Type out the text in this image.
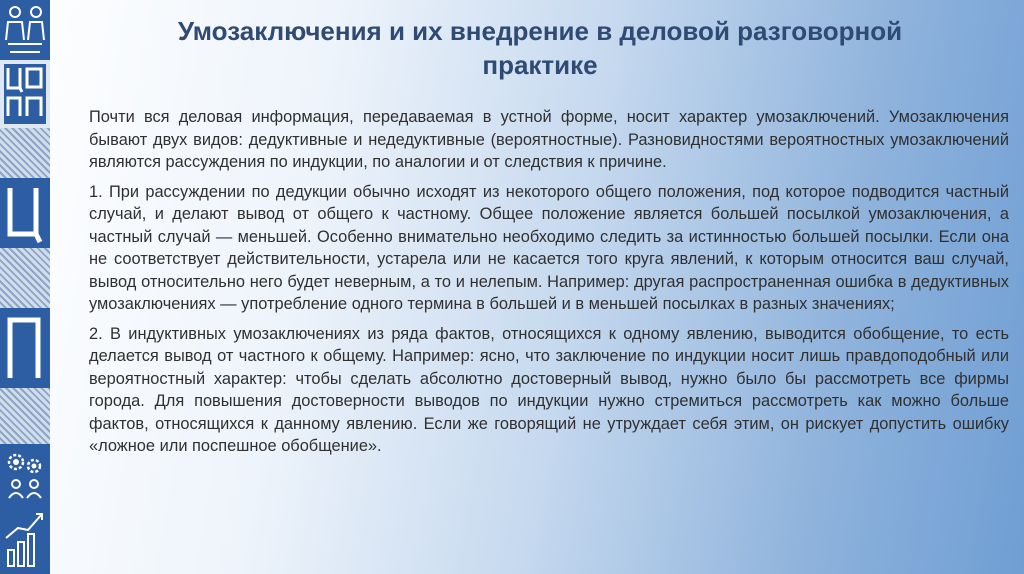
Умозаключения и их внедрение в деловой разговорной практике

Почти вся деловая информация, передаваемая в устной форме, носит характер умозаключений. Умозаключения бывают двух видов: дедуктивные и недедуктивные (вероятностные). Разновидностями вероятностных умозаключений являются рассуждения по индукции, по аналогии и от следствия к причине.

1. При рассуждении по дедукции обычно исходят из некоторого общего положения, под которое подводится частный случай, и делают вывод от общего к частному. Общее положение является большей посылкой умозаключения, а частный случай — меньшей. Особенно внимательно необходимо следить за истинностью большей посылки. Если она не соответствует действительности, устарела или не касается того круга явлений, к которым относится ваш случай, вывод относительно него будет неверным, а то и нелепым. Например: другая распространенная ошибка в дедуктивных умозаключениях — употребление одного термина в большей и в меньшей посылках в разных значениях;

2. В индуктивных умозаключениях из ряда фактов, относящихся к одному явлению, выводится обобщение, то есть делается вывод от частного к общему. Например: ясно, что заключение по индукции носит лишь правдоподобный или вероятностный характер: чтобы сделать абсолютно достоверный вывод, нужно было бы рассмотреть все фирмы города. Для повышения достоверности выводов по индукции нужно стремиться рассмотреть как можно больше фактов, относящихся к данному явлению. Если же говорящий не утруждает себя этим, он рискует допустить ошибку «ложное или поспешное обобщение».
